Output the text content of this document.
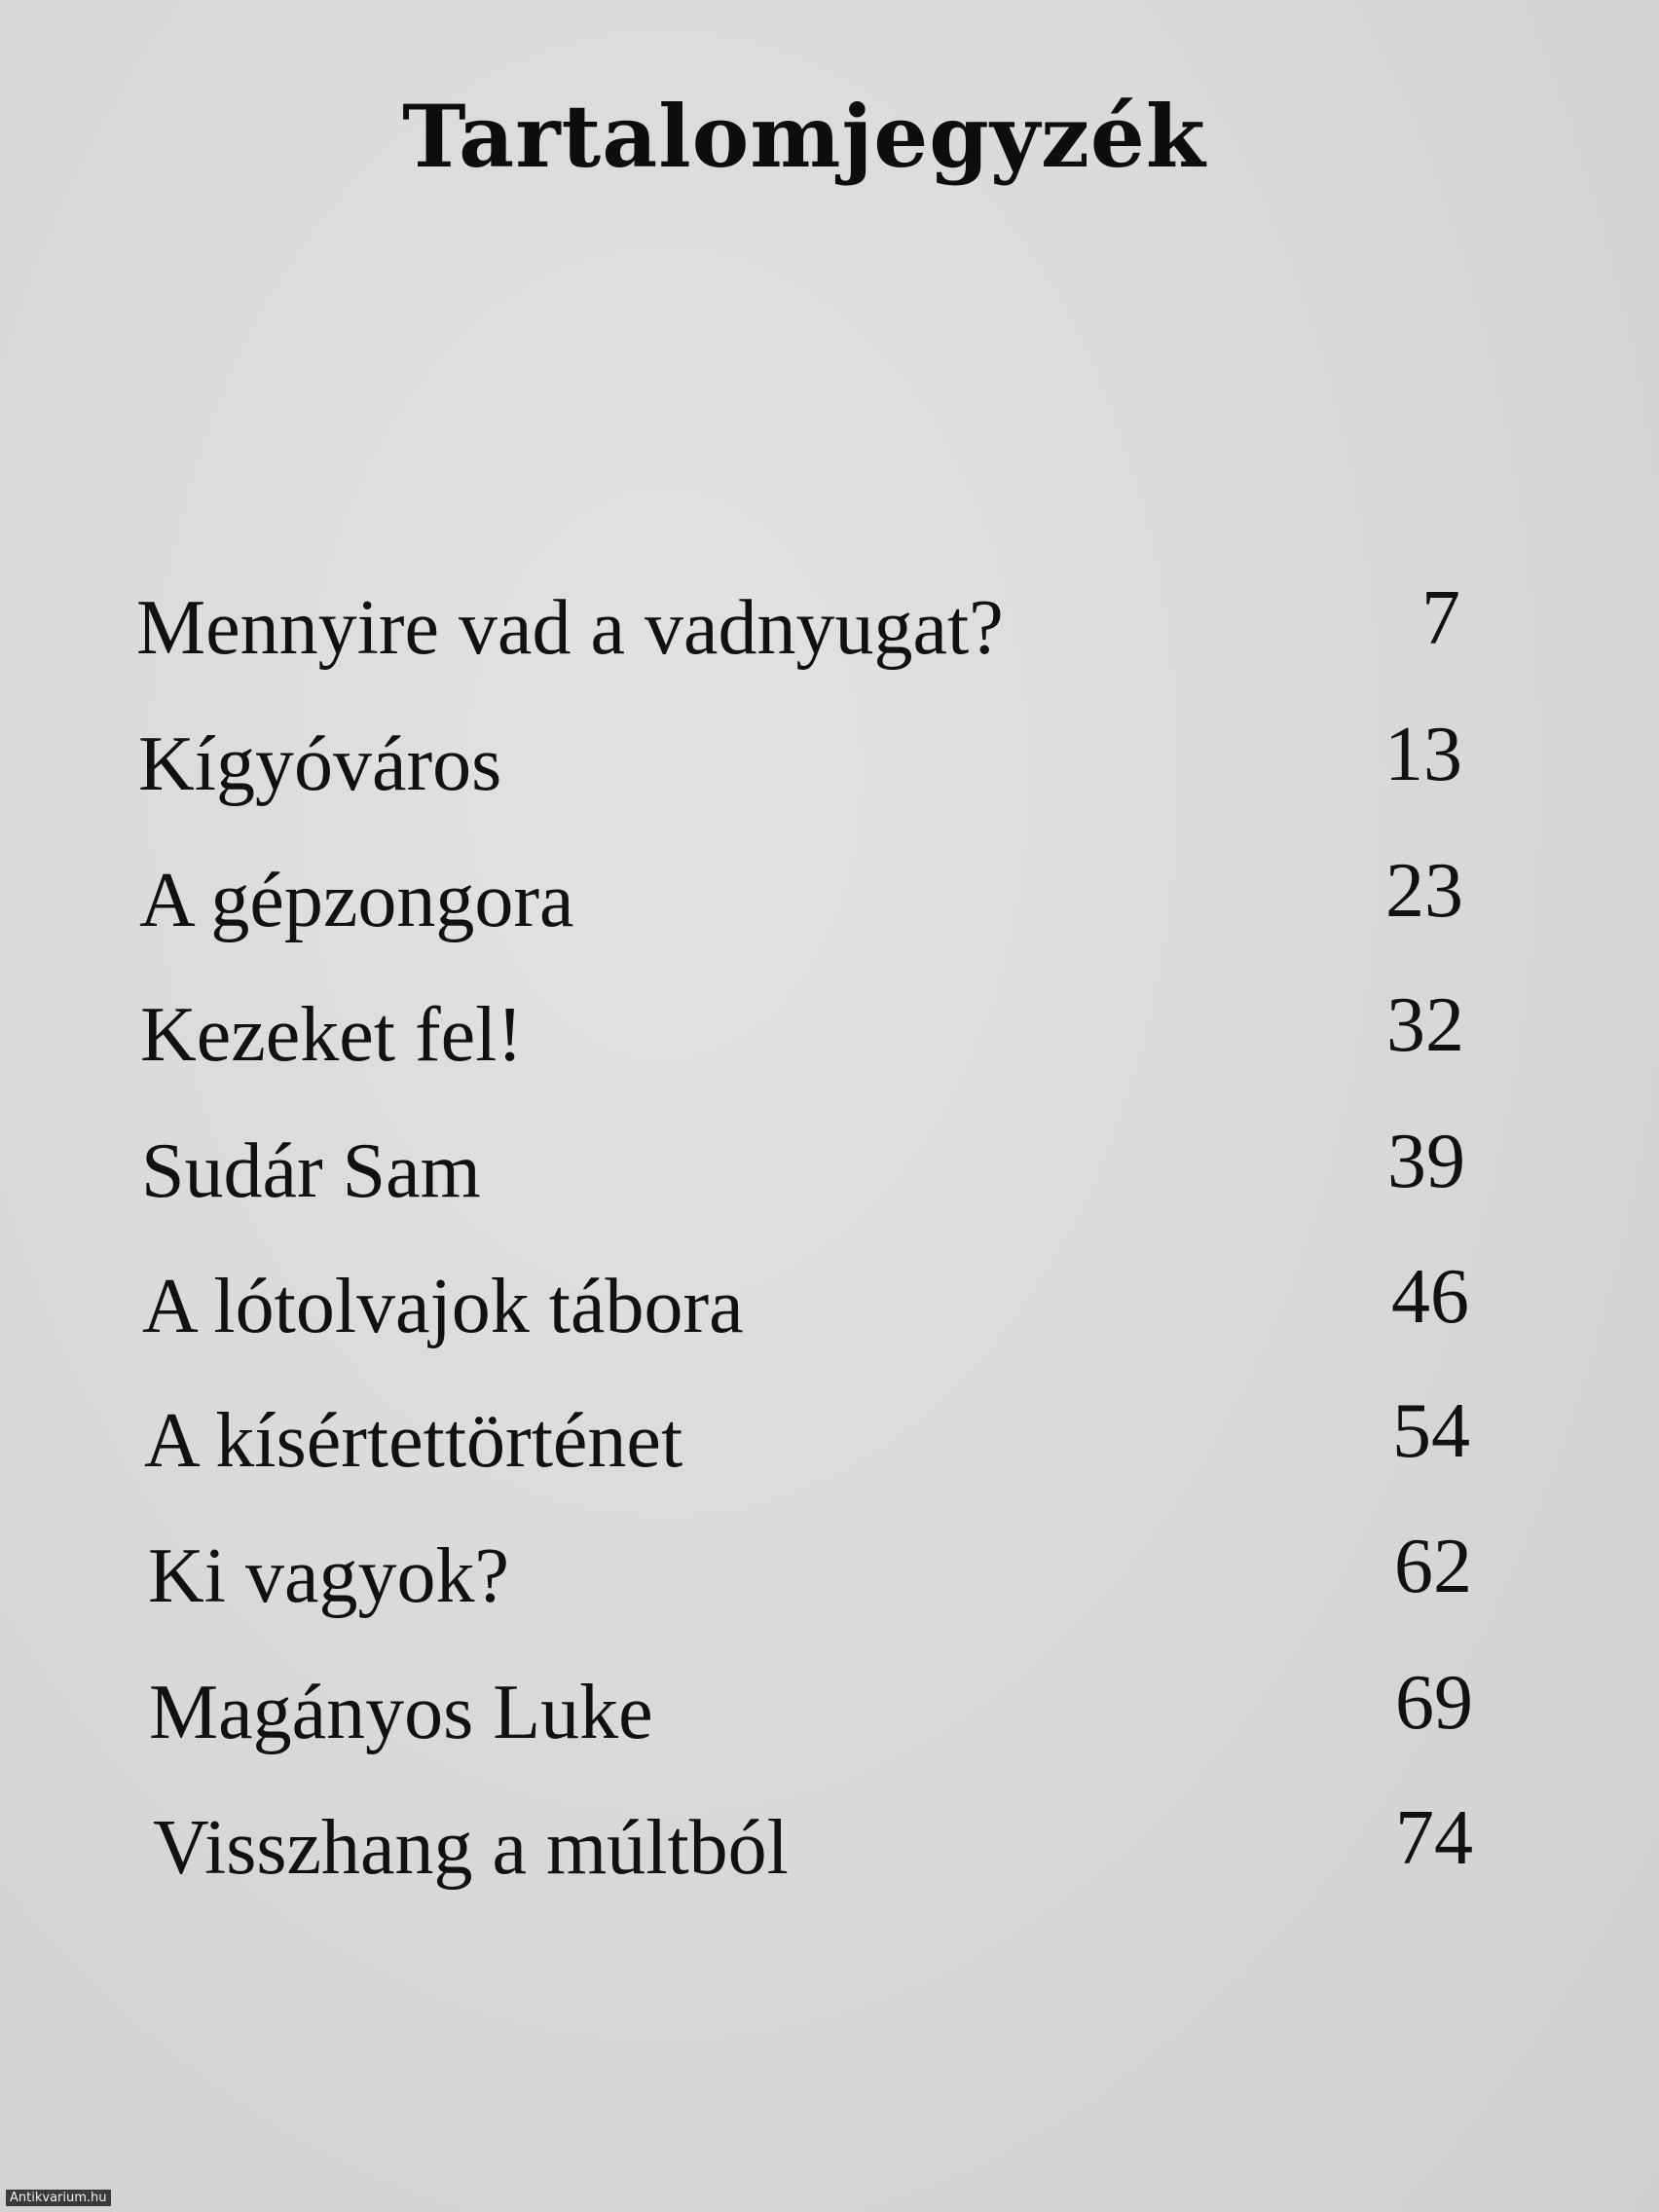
Tartalomjegyzék
Mennyire vad a vadnyugat?	7
Kígyóváros	13
A gépzongora	23
Kezeket fel!	32
Sudár Sam	39
A lótolvajok tábora	46
A kísértettörténet	54
Ki vagyok?	62
Magányos Luke	69
Visszhang a múltból	74
Antikvarium.hu
